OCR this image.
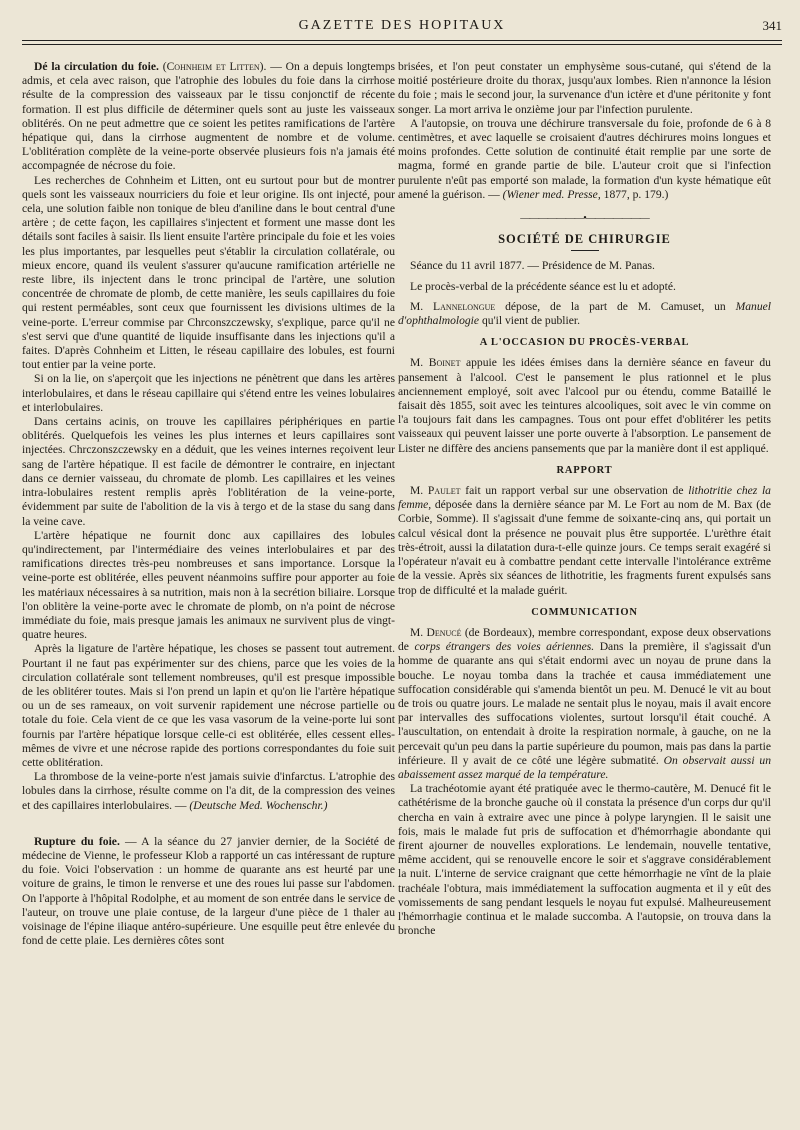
GAZETTE DES HOPITAUX	341

Dé la circulation du foie. (Cohnheim et Litten). — On a depuis longtemps admis, et cela avec raison, que l'atrophie des lobules du foie dans la cirrhose résulte de la compression des vaisseaux par le tissu conjonctif de récente formation. Il est plus difficile de déterminer quels sont au juste les vaisseaux oblitérés. On ne peut admettre que ce soient les petites ramifications de l'artère hépatique qui, dans la cirrhose augmentent de nombre et de volume. L'oblitération complète de la veine-porte observée plusieurs fois n'a jamais été accompagnée de nécrose du foie.

Les recherches de Cohnheim et Litten, ont eu surtout pour but de montrer quels sont les vaisseaux nourriciers du foie et leur origine. Ils ont injecté, pour cela, une solution faible non tonique de bleu d'aniline dans le bout central d'une artère ; de cette façon, les capillaires s'injectent et forment une masse dont les détails sont faciles à saisir. Ils lient ensuite l'artère principale du foie et les voies les plus importantes, par lesquelles peut s'établir la circulation collatérale, ou mieux encore, quand ils veulent s'assurer qu'aucune ramification artérielle ne reste libre, ils injectent dans le tronc principal de l'artère, une solution concentrée de chromate de plomb, de cette manière, les seuls capillaires du foie qui restent perméables, sont ceux que fournissent les divisions ultimes de la veine-porte. L'erreur commise par Chrconszczewsky, s'explique, parce qu'il ne s'est servi que d'une quantité de liquide insuffisante dans les injections qu'il a faites. D'après Cohnheim et Litten, le réseau capillaire des lobules, est fourni tout entier par la veine porte.

Si on la lie, on s'aperçoit que les injections ne pénètrent que dans les artères interlobulaires, et dans le réseau capillaire qui s'étend entre les veines lobulaires et interlobulaires.

Dans certains acinis, on trouve les capillaires périphériques en partie oblitérés. Quelquefois les veines les plus internes et leurs capillaires sont injectées. Chrczonszczewsky en a déduit, que les veines internes reçoivent leur sang de l'artère hépatique. Il est facile de démontrer le contraire, en injectant dans ce dernier vaisseau, du chromate de plomb. Les capillaires et les veines intra-lobulaires restent remplis après l'oblitération de la veine-porte, évidemment par suite de l'abolition de la vis à tergo et de la stase du sang dans la veine cave.

L'artère hépatique ne fournit donc aux capillaires des lobules qu'indirectement, par l'intermédiaire des veines interlobulaires et par des ramifications directes très-peu nombreuses et sans importance. Lorsque la veine-porte est oblitérée, elles peuvent néanmoins suffire pour apporter au foie les matériaux nécessaires à sa nutrition, mais non à la secrétion biliaire. Lorsque l'on oblitère la veine-porte avec le chromate de plomb, on n'a point de nécrose immédiate du foie, mais presque jamais les animaux ne survivent plus de vingt-quatre heures.

Après la ligature de l'artère hépatique, les choses se passent tout autrement. Pourtant il ne faut pas expérimenter sur des chiens, parce que les voies de la circulation collatérale sont tellement nombreuses, qu'il est presque impossible de les oblitérer toutes. Mais si l'on prend un lapin et qu'on lie l'artère hépatique ou un de ses rameaux, on voit survenir rapidement une nécrose partielle ou totale du foie. Cela vient de ce que les vasa vasorum de la veine-porte lui sont fournis par l'artère hépatique lorsque celle-ci est oblitérée, elles cessent elles-mêmes de vivre et une nécrose rapide des portions correspondantes du foie suit cette oblitération.

La thrombose de la veine-porte n'est jamais suivie d'infarctus. L'atrophie des lobules dans la cirrhose, résulte comme on l'a dit, de la compression des veines et des capillaires interlobulaires. — (Deutsche Med. Wochenschr.)

Rupture du foie. — A la séance du 27 janvier dernier, de la Société de médecine de Vienne, le professeur Klob a rapporté un cas intéressant de rupture du foie. Voici l'observation : un homme de quarante ans est heurté par une voiture de grains, le timon le renverse et une des roues lui passe sur l'abdomen. On l'apporte à l'hôpital Rodolphe, et au moment de son entrée dans le service de l'auteur, on trouve une plaie contuse, de la largeur d'une pièce de 1 thaler au voisinage de l'épine iliaque antéro-supérieure. Une esquille peut être enlevée du fond de cette plaie. Les dernières côtes sont

brisées, et l'on peut constater un emphysème sous-cutané, qui s'étend de la moitié postérieure droite du thorax, jusqu'aux lombes. Rien n'annonce la lésion du foie ; mais le second jour, la survenance d'un ictère et d'une péritonite y font songer. La mort arriva le onzième jour par l'infection purulente.

A l'autopsie, on trouva une déchirure transversale du foie, profonde de 6 à 8 centimètres, et avec laquelle se croisaient d'autres déchirures moins longues et moins profondes. Cette solution de continuité était remplie par une sorte de magma, formé en grande partie de bile. L'auteur croit que si l'infection purulente n'eût pas emporté son malade, la formation d'un kyste hématique eût amené la guérison. — (Wiener med. Presse, 1877, p. 179.)

———————•———————
SOCIÉTÉ DE CHIRURGIE

Séance du 11 avril 1877. — Présidence de M. Panas.

Le procès-verbal de la précédente séance est lu et adopté.

M. Lannelongue dépose, de la part de M. Camuset, un Manuel d'ophthalmologie qu'il vient de publier.

A L'OCCASION DU PROCÈS-VERBAL

M. Boinet appuie les idées émises dans la dernière séance en faveur du pansement à l'alcool. C'est le pansement le plus rationnel et le plus anciennement employé, soit avec l'alcool pur ou étendu, comme Bataillé le faisait dès 1855, soit avec les teintures alcooliques, soit avec le vin comme on l'a toujours fait dans les campagnes. Tous ont pour effet d'oblitérer les petits vaisseaux qui peuvent laisser une porte ouverte à l'absorption. Le pansement de Lister ne diffère des anciens pansements que par la manière dont il est appliqué.

RAPPORT

M. Paulet fait un rapport verbal sur une observation de lithotritie chez la femme, déposée dans la dernière séance par M. Le Fort au nom de M. Bax (de Corbie, Somme). Il s'agissait d'une femme de soixante-cinq ans, qui portait un calcul vésical dont la présence ne pouvait plus être supportée. L'urèthre était très-étroit, aussi la dilatation dura-t-elle quinze jours. Ce temps serait exagéré si l'opérateur n'avait eu à combattre pendant cette intervalle l'intolérance extrême de la vessie. Après six séances de lithotritie, les fragments furent expulsés sans trop de difficulté et la malade guérit.

COMMUNICATION

M. Denucé (de Bordeaux), membre correspondant, expose deux observations de corps étrangers des voies aériennes. Dans la première, il s'agissait d'un homme de quarante ans qui s'était endormi avec un noyau de prune dans la bouche. Le noyau tomba dans la trachée et causa immédiatement une suffocation considérable qui s'amenda bientôt un peu. M. Denucé le vit au bout de trois ou quatre jours. Le malade ne sentait plus le noyau, mais il avait encore par intervalles des suffocations violentes, surtout lorsqu'il était couché. A l'auscultation, on entendait à droite la respiration normale, à gauche, on ne la percevait qu'un peu dans la partie supérieure du poumon, mais pas dans la partie inférieure. Il y avait de ce côté une légère submatité. On observait aussi un abaissement assez marqué de la température.

La trachéotomie ayant été pratiquée avec le thermo-cautère, M. Denucé fit le cathétérisme de la bronche gauche où il constata la présence d'un corps dur qu'il chercha en vain à extraire avec une pince à polype laryngien. Il le saisit une fois, mais le malade fut pris de suffocation et d'hémorrhagie abondante qui firent ajourner de nouvelles explorations. Le lendemain, nouvelle tentative, même accident, qui se renouvelle encore le soir et s'aggrave considérablement la nuit. L'interne de service craignant que cette hémorrhagie ne vînt de la plaie trachéale l'obtura, mais immédiatement la suffocation augmenta et il y eût des vomissements de sang pendant lesquels le noyau fut expulsé. Malheureusement l'hémorrhagie continua et le malade succomba. A l'autopsie, on trouva dans la bronche
